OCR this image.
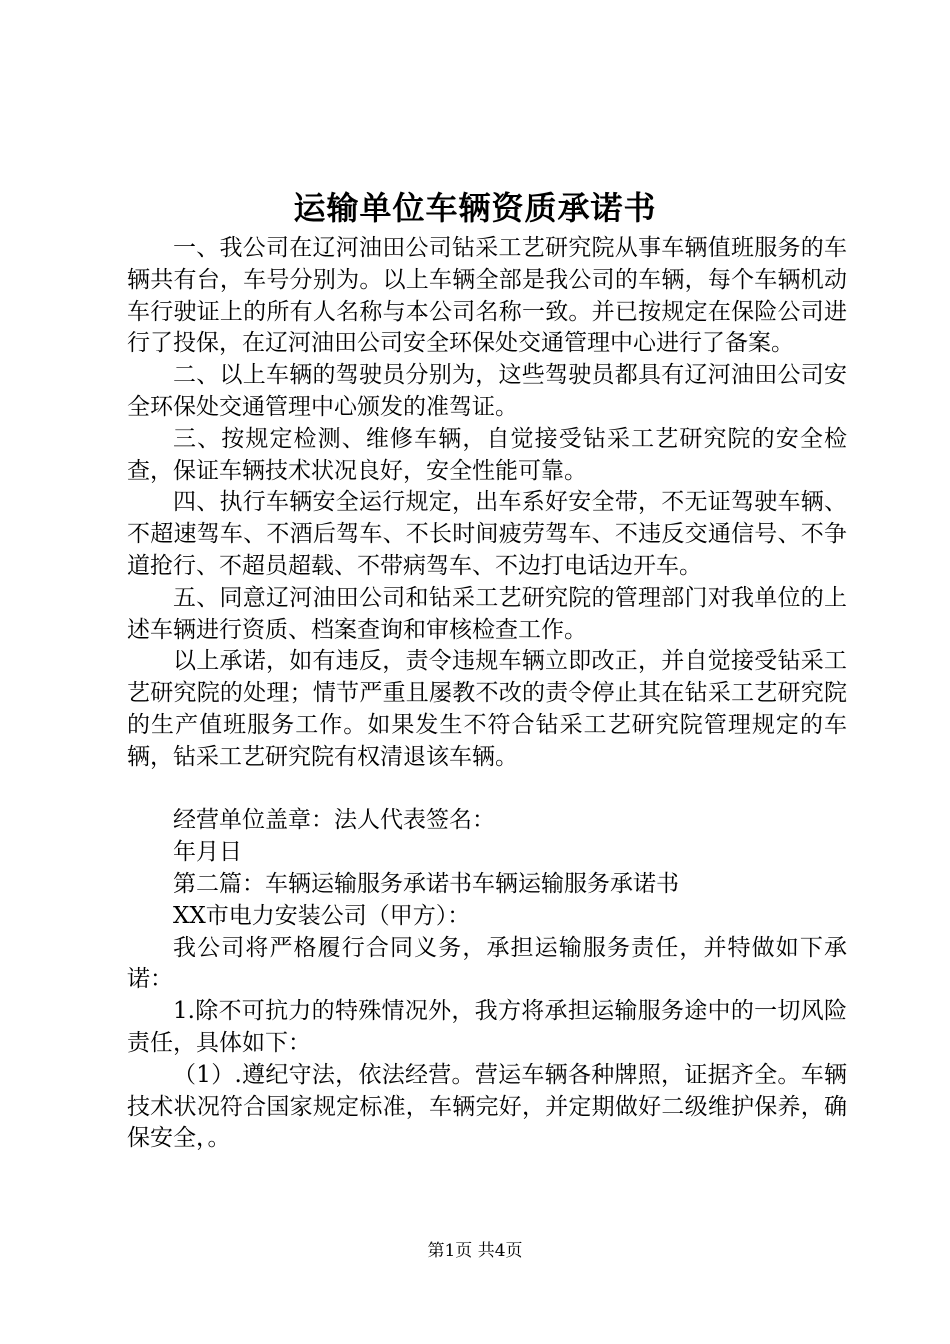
运输单位车辆资质承诺书

一、我公司在辽河油田公司钻采工艺研究院从事车辆值班服务的车辆共有台，车号分别为。以上车辆全部是我公司的车辆，每个车辆机动车行驶证上的所有人名称与本公司名称一致。并已按规定在保险公司进行了投保，在辽河油田公司安全环保处交通管理中心进行了备案。

二、以上车辆的驾驶员分别为，这些驾驶员都具有辽河油田公司安全环保处交通管理中心颁发的准驾证。

三、按规定检测、维修车辆，自觉接受钻采工艺研究院的安全检查，保证车辆技术状况良好，安全性能可靠。

四、执行车辆安全运行规定，出车系好安全带，不无证驾驶车辆、不超速驾车、不酒后驾车、不长时间疲劳驾车、不违反交通信号、不争道抢行、不超员超载、不带病驾车、不边打电话边开车。

五、同意辽河油田公司和钻采工艺研究院的管理部门对我单位的上述车辆进行资质、档案查询和审核检查工作。

以上承诺，如有违反，责令违规车辆立即改正，并自觉接受钻采工艺研究院的处理；情节严重且屡教不改的责令停止其在钻采工艺研究院的生产值班服务工作。如果发生不符合钻采工艺研究院管理规定的车辆，钻采工艺研究院有权清退该车辆。

经营单位盖章：法人代表签名：

年月日

第二篇：车辆运输服务承诺书车辆运输服务承诺书

XX市电力安装公司（甲方）：

我公司将严格履行合同义务，承担运输服务责任，并特做如下承诺：

1.除不可抗力的特殊情况外，我方将承担运输服务途中的一切风险责任，具体如下：

（1）.遵纪守法，依法经营。营运车辆各种牌照，证据齐全。车辆技术状况符合国家规定标准，车辆完好，并定期做好二级维护保养，确保安全，。

第1页 共4页
